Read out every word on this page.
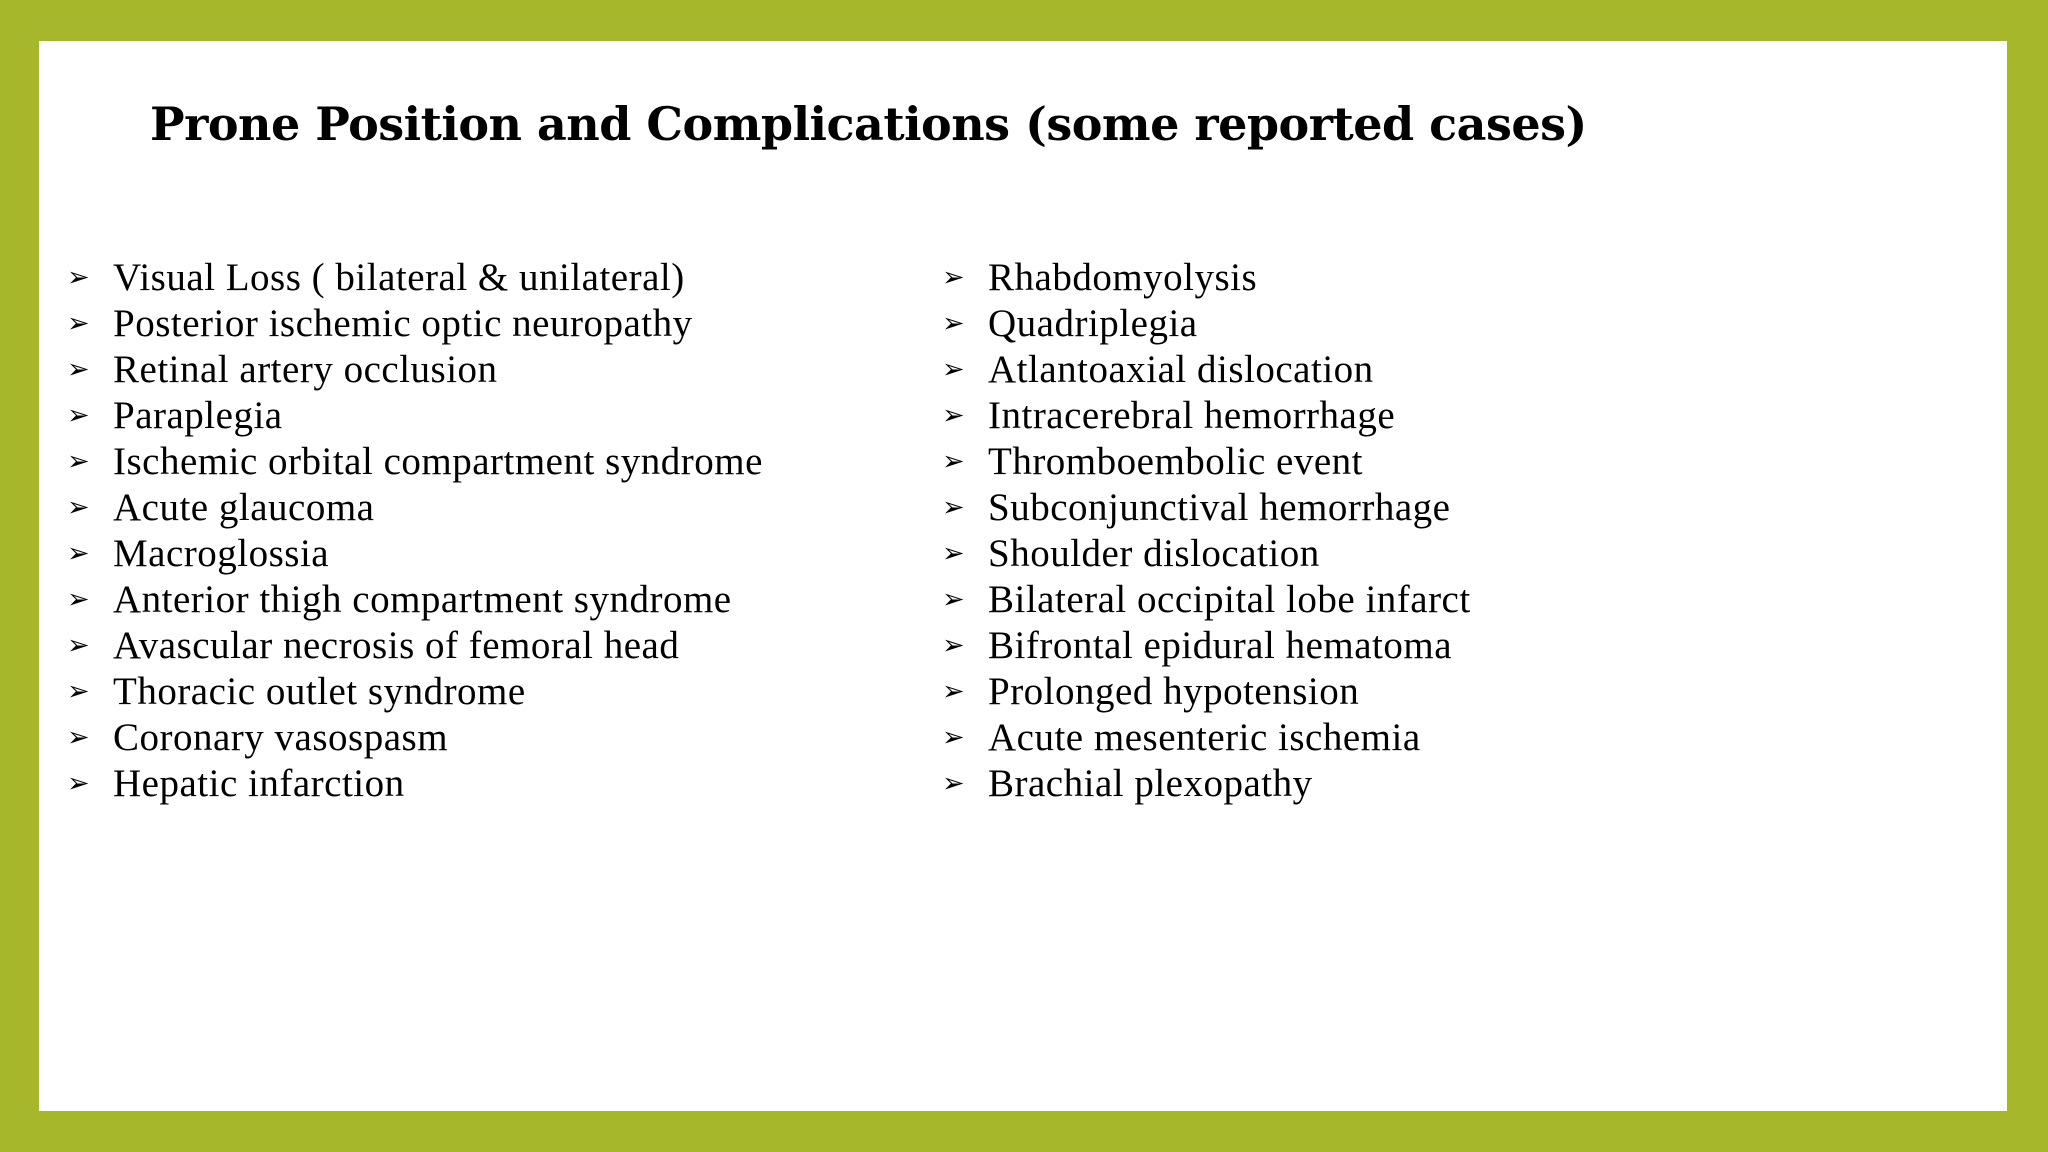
Prone Position and Complications (some reported cases)
➢ Visual Loss ( bilateral & unilateral)
➢ Posterior ischemic optic neuropathy
➢ Retinal artery occlusion
➢ Paraplegia
➢ Ischemic orbital compartment syndrome
➢ Acute glaucoma
➢ Macroglossia
➢ Anterior thigh compartment syndrome
➢ Avascular necrosis of femoral head
➢ Thoracic outlet syndrome
➢ Coronary vasospasm
➢ Hepatic infarction
➢ Rhabdomyolysis
➢ Quadriplegia
➢ Atlantoaxial dislocation
➢ Intracerebral hemorrhage
➢ Thromboembolic event
➢ Subconjunctival hemorrhage
➢ Shoulder dislocation
➢ Bilateral occipital lobe infarct
➢ Bifrontal epidural hematoma
➢ Prolonged hypotension
➢ Acute mesenteric ischemia
➢ Brachial plexopathy
